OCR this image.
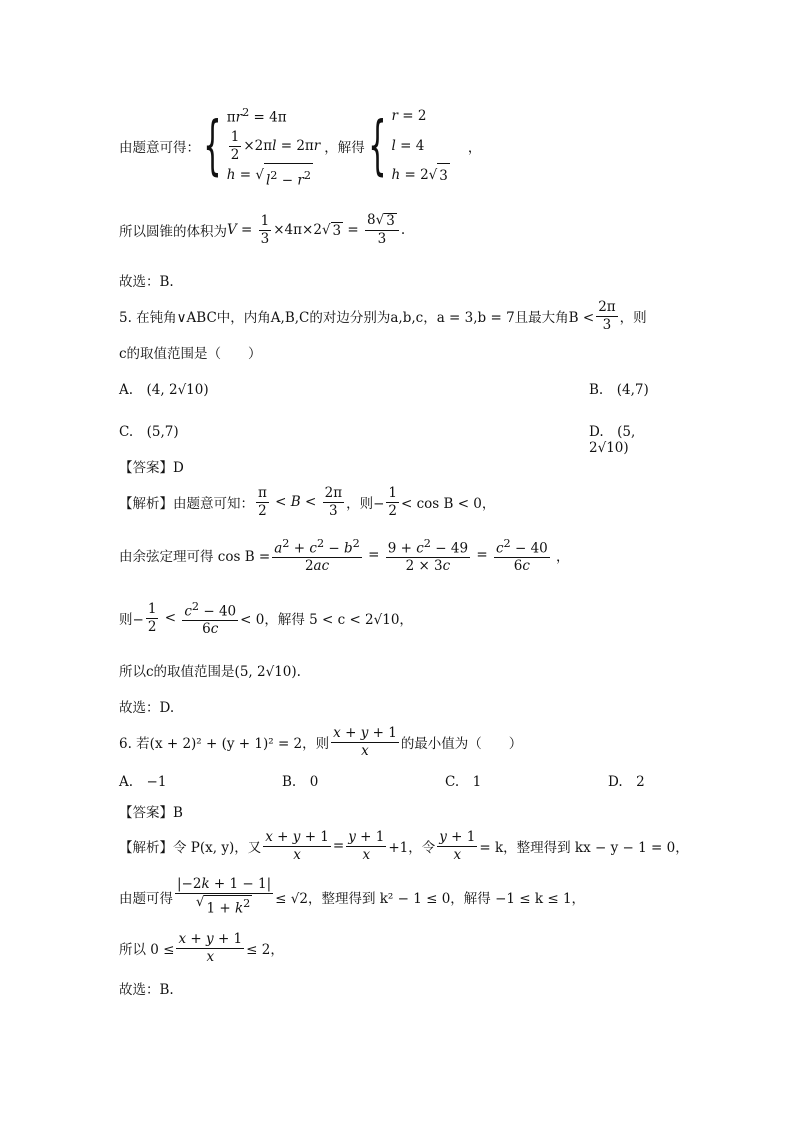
由题意可得： { $\pi r^2 = 4\pi$
$\frac{1}{2} \times 2\pi l = 2\pi r$
h = √ $l^2 - r^2$
，解得 { r = 2
l = 4
h = 2√ 3
，
所以圆锥的体积为 $V = \frac{1}{3} \times 4$ π ×2 √ $3 = \frac{8√ 3}{3}$ .
故选：B.
5. 在钝角∨ABC中，内角A,B,C的对边分别为a,b,c，a = 3,b = 7且最大角$B < \frac{2\pi}{3}$ ，则
c的取值范围是（　　）
A.　(4, 2√10)	B.　(4,7)
C.　(5,7)	D.　(5, 2√10)
【答案】D
【解析】由题意可知： $\frac{\pi}{2} < B < \frac{2\pi}{3}$ ，则− $\frac{1}{2} < \cos B < 0$，
由余弦定理可得 $\cos B = \frac{a^2 + c^2 - b^2}{2ac} = \frac{9 + c^2 - 49}{2 \times 3c} = \frac{c^2 - 40}{6c}$ ，
则− $\frac{1}{2} < \frac{c^2 - 40}{6c} < 0$，解得 5 < c < 2√10，
所以c的取值范围是(5, 2√10).
故选：D.
6. 若(x + 2)² + (y + 1)² = 2，则 $\frac{x + y + 1}{x}$ 的最小值为（　　）
A.　−1	B.　0	C.　1	D.　2
【答案】B
【解析】令 P(x, y)，又 $\frac{x + y + 1}{x} = \frac{y + 1}{x} +1$，令 $\frac{y + 1}{x} = k$，整理得到 kx − y − 1 = 0，
由题可得 $\frac{|-2k + 1 - 1|}{√ 1 + k^2} \le √2$，整理得到 k² − 1 ≤ 0，解得 −1 ≤ k ≤ 1，
所以 $0 \le \frac{x + y + 1}{x} \le 2$，
故选：B.
